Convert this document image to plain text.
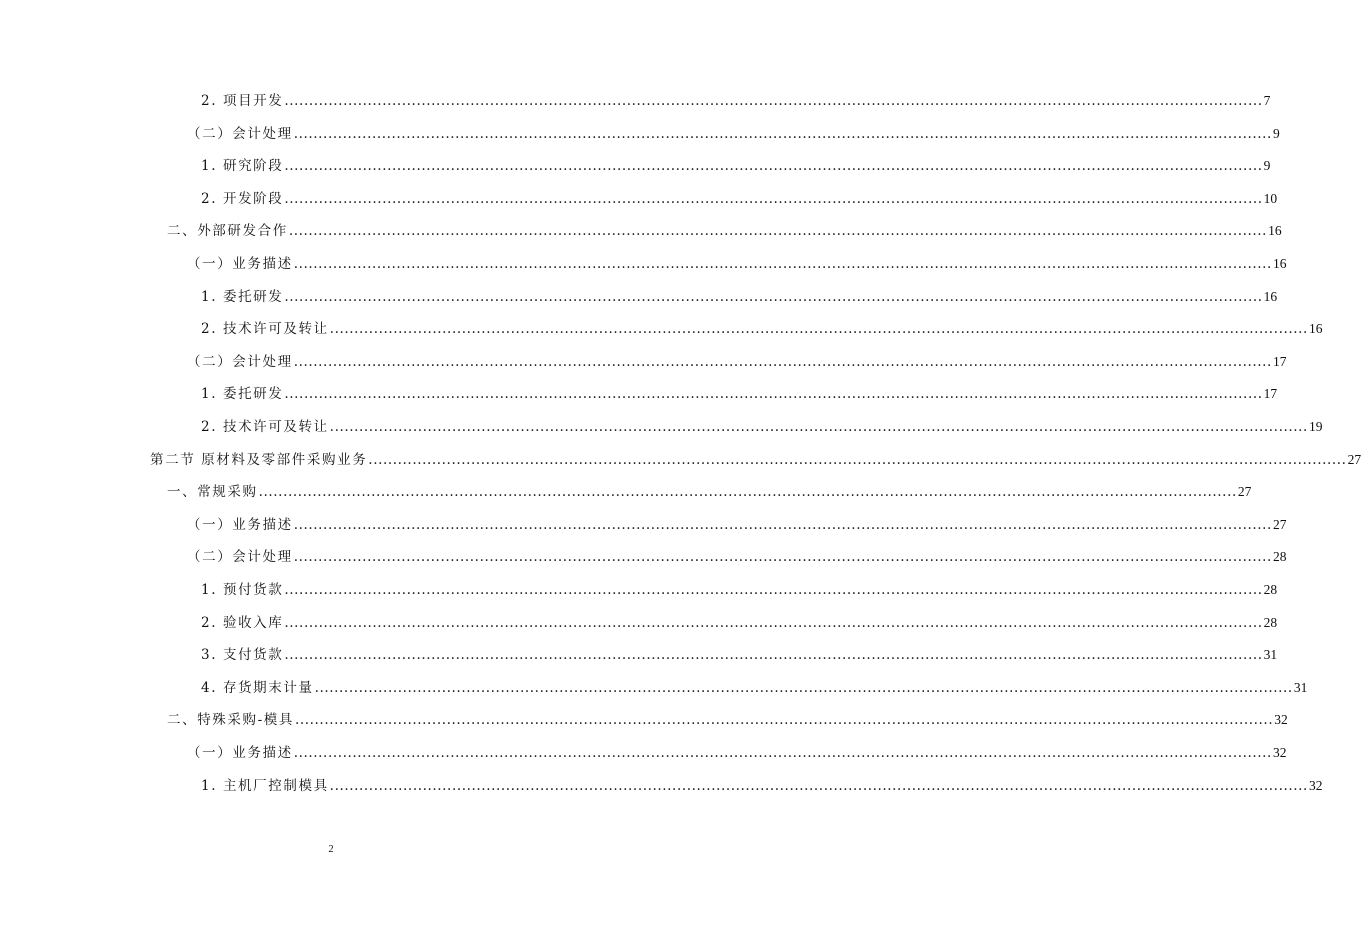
2. 项目开发 ........................................................................................................................................................................................................ 7
（二）会计处理 ........................................................................................................................................................................................................ 9
1. 研究阶段 ........................................................................................................................................................................................................ 9
2. 开发阶段 ........................................................................................................................................................................................................ 10
二、外部研发合作 ........................................................................................................................................................................................................ 16
（一）业务描述 ........................................................................................................................................................................................................ 16
1. 委托研发 ........................................................................................................................................................................................................ 16
2. 技术许可及转让 ........................................................................................................................................................................................................ 16
（二）会计处理 ........................................................................................................................................................................................................ 17
1. 委托研发 ........................................................................................................................................................................................................ 17
2. 技术许可及转让 ........................................................................................................................................................................................................ 19
第二节 原材料及零部件采购业务 ........................................................................................................................................................................................................ 27
一、常规采购 ........................................................................................................................................................................................................ 27
（一）业务描述 ........................................................................................................................................................................................................ 27
（二）会计处理 ........................................................................................................................................................................................................ 28
1. 预付货款 ........................................................................................................................................................................................................ 28
2. 验收入库 ........................................................................................................................................................................................................ 28
3. 支付货款 ........................................................................................................................................................................................................ 31
4. 存货期末计量 ........................................................................................................................................................................................................ 31
二、特殊采购-模具 ........................................................................................................................................................................................................ 32
（一）业务描述 ........................................................................................................................................................................................................ 32
1. 主机厂控制模具 ........................................................................................................................................................................................................ 32
2
